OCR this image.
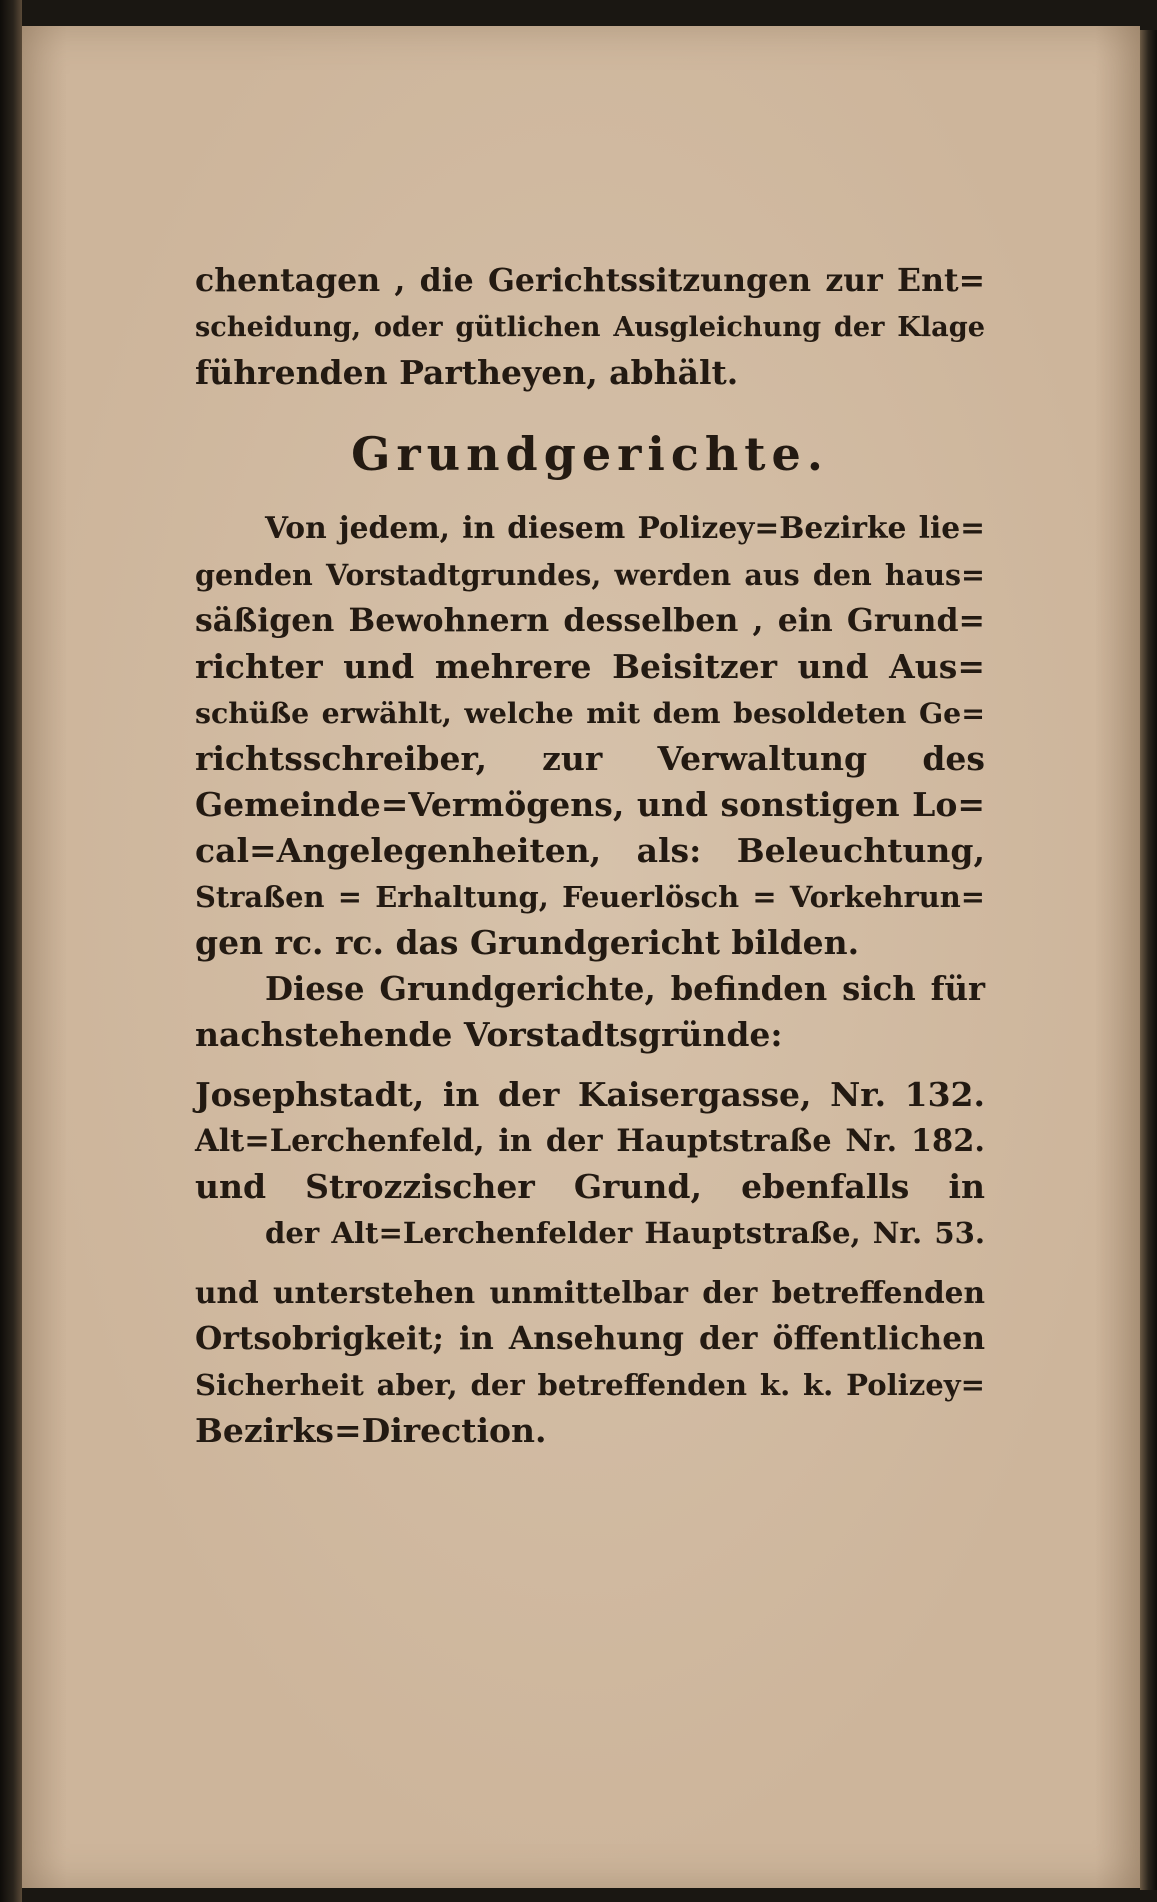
chentagen , die Gerichtssitzungen zur Ent=
scheidung, oder gütlichen Ausgleichung der Klage
führenden Partheyen, abhält.
Grundgerichte.
Von jedem, in diesem Polizey=Bezirke lie=
genden Vorstadtgrundes, werden aus den haus=
säßigen Bewohnern desselben , ein Grund=
richter und mehrere Beisitzer und Aus=
schüße erwählt, welche mit dem besoldeten Ge=
richtsschreiber, zur Verwaltung des
Gemeinde=Vermögens, und sonstigen Lo=
cal=Angelegenheiten, als: Beleuchtung,
Straßen = Erhaltung, Feuerlösch = Vorkehrun=
gen rc. rc. das Grundgericht bilden.
Diese Grundgerichte, befinden sich für
nachstehende Vorstadtsgründe:
Josephstadt, in der Kaisergasse, Nr. 132.
Alt=Lerchenfeld, in der Hauptstraße Nr. 182.
und Strozzischer Grund, ebenfalls in
der Alt=Lerchenfelder Hauptstraße, Nr. 53.
und unterstehen unmittelbar der betreffenden
Ortsobrigkeit; in Ansehung der öffentlichen
Sicherheit aber, der betreffenden k. k. Polizey=
Bezirks=Direction.
